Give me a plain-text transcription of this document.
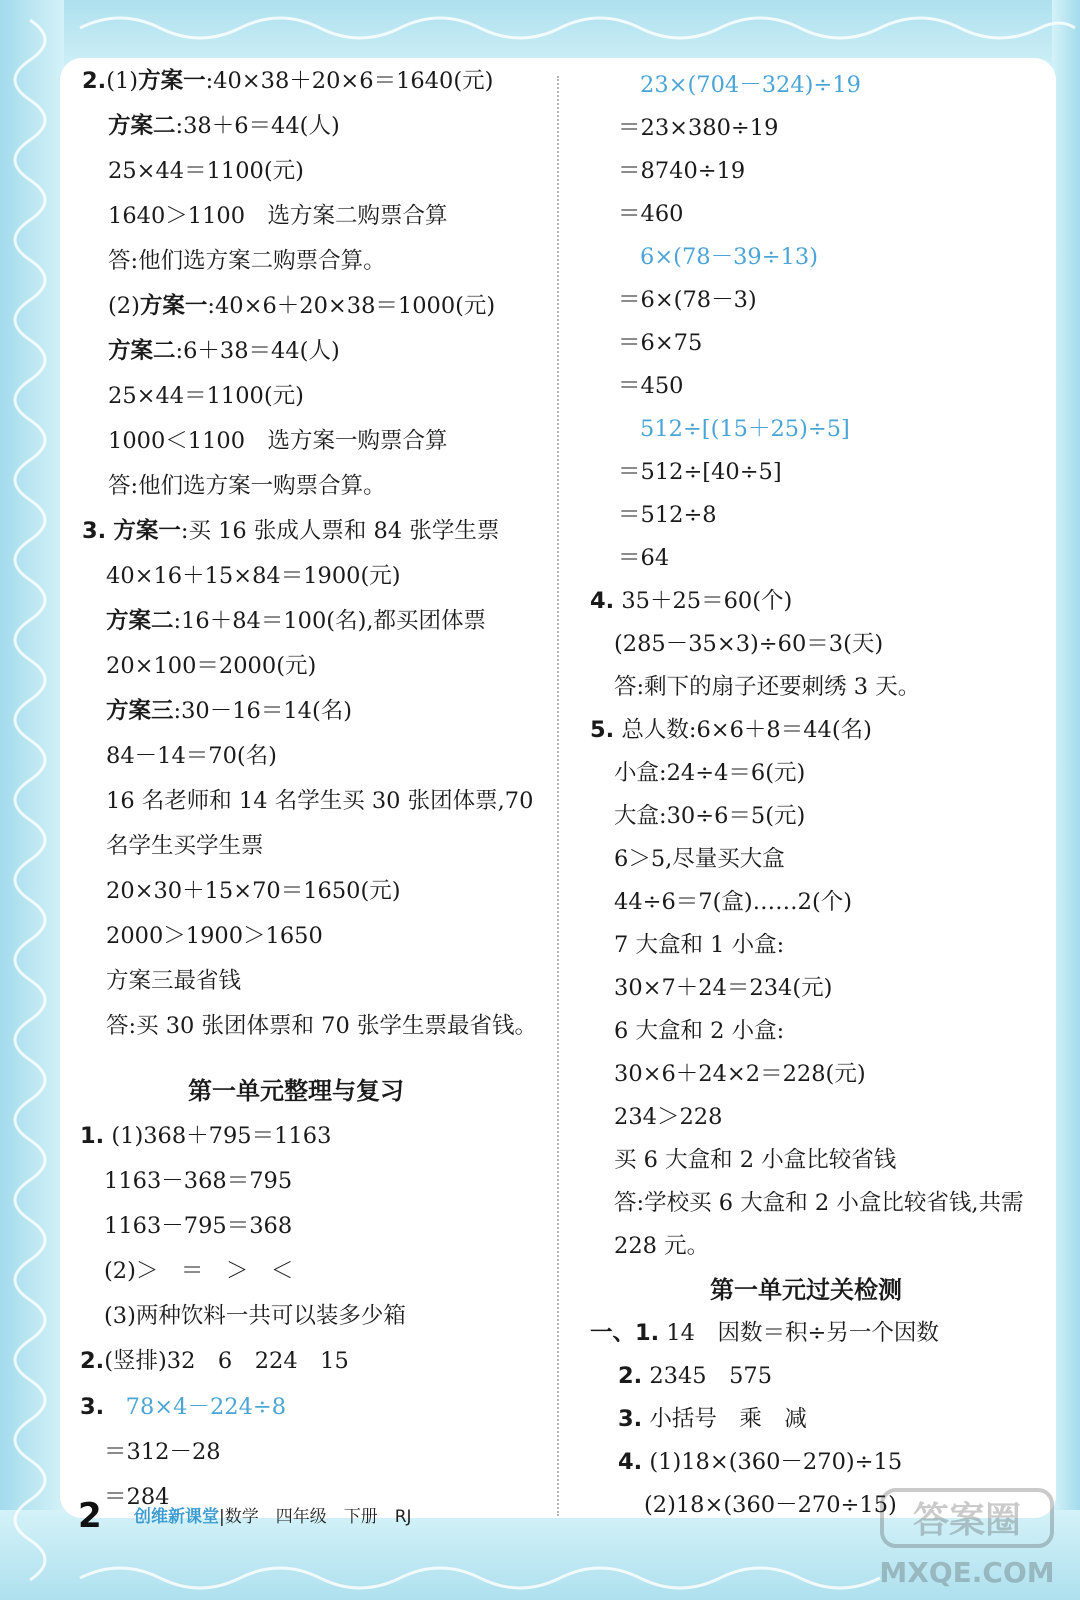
2.(1)方案一:40×38＋20×6＝1640(元)
方案二:38＋6＝44(人)
25×44＝1100(元)
1640＞1100　选方案二购票合算
答:他们选方案二购票合算。
(2)方案一:40×6＋20×38＝1000(元)
方案二:6＋38＝44(人)
25×44＝1100(元)
1000＜1100　选方案一购票合算
答:他们选方案一购票合算。
3. 方案一:买 16 张成人票和 84 张学生票
40×16＋15×84＝1900(元)
方案二:16＋84＝100(名),都买团体票
20×100＝2000(元)
方案三:30－16＝14(名)
84－14＝70(名)
16 名老师和 14 名学生买 30 张团体票,70
名学生买学生票
20×30＋15×70＝1650(元)
2000＞1900＞1650
方案三最省钱
答:买 30 张团体票和 70 张学生票最省钱。
第一单元整理与复习
1. (1)368＋795＝1163
1163－368＝795
1163－795＝368
(2)＞　＝　＞　＜
(3)两种饮料一共可以装多少箱
2.(竖排)32　6　224　15
3. 78×4－224÷8
＝312－28
＝284
23×(704－324)÷19
＝23×380÷19
＝8740÷19
＝460
6×(78－39÷13)
＝6×(78－3)
＝6×75
＝450
512÷[(15＋25)÷5]
＝512÷[40÷5]
＝512÷8
＝64
4. 35＋25＝60(个)
(285－35×3)÷60＝3(天)
答:剩下的扇子还要刺绣 3 天。
5. 总人数:6×6＋8＝44(名)
小盒:24÷4＝6(元)
大盒:30÷6＝5(元)
6＞5,尽量买大盒
44÷6＝7(盒)……2(个)
7 大盒和 1 小盒:
30×7＋24＝234(元)
6 大盒和 2 小盒:
30×6＋24×2＝228(元)
234＞228
买 6 大盒和 2 小盒比较省钱
答:学校买 6 大盒和 2 小盒比较省钱,共需
228 元。
第一单元过关检测
一、1. 14　因数＝积÷另一个因数
2. 2345　575
3. 小括号　乘　减
4. (1)18×(360－270)÷15
(2)18×(360－270÷15)
2 创维新课堂|数学　四年级　下册　RJ	答案圈
MXQE.COM
